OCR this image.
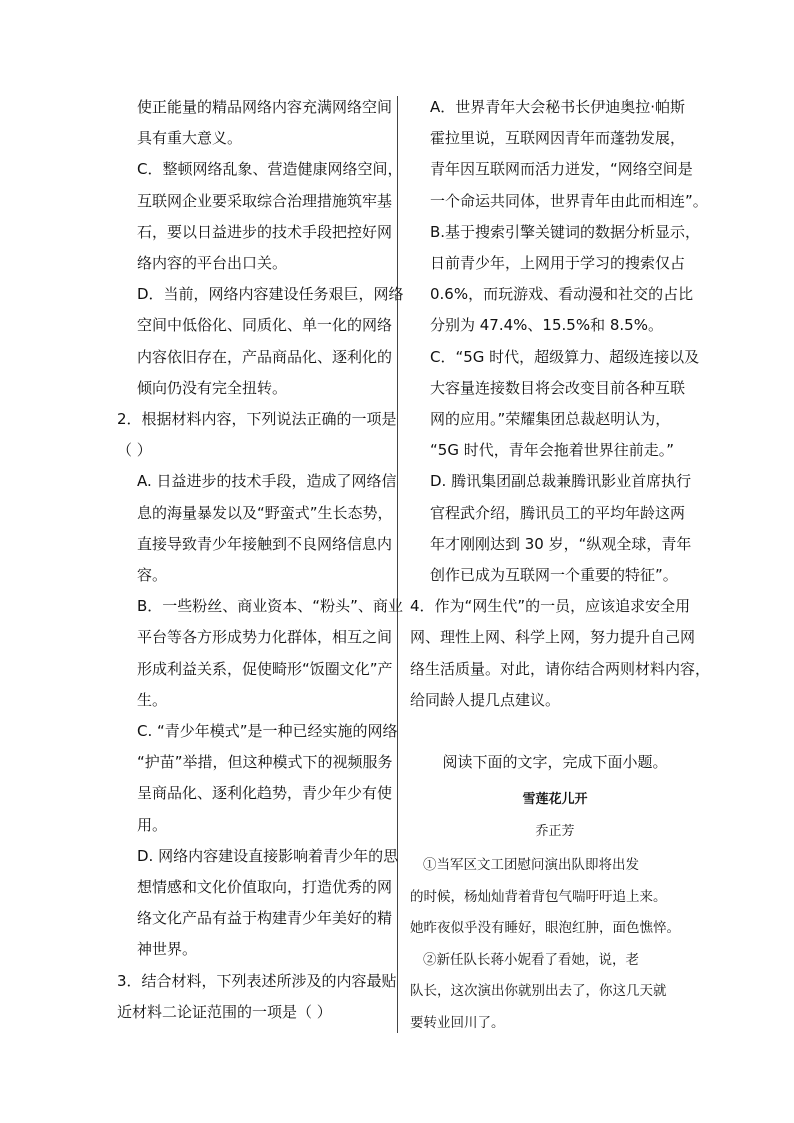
使正能量的精品网络内容充满网络空间

具有重大意义。

C．整顿网络乱象、营造健康网络空间，

互联网企业要采取综合治理措施筑牢基

石，要以日益进步的技术手段把控好网

络内容的平台出口关。

D．当前，网络内容建设任务艰巨，网络

空间中低俗化、同质化、单一化的网络

内容依旧存在，产品商品化、逐利化的

倾向仍没有完全扭转。

2．根据材料内容，下列说法正确的一项是

（ ）

A. 日益进步的技术手段，造成了网络信

息的海量暴发以及“野蛮式”生长态势，

直接导致青少年接触到不良网络信息内

容。

B．一些粉丝、商业资本、“粉头”、商业

平台等各方形成势力化群体，相互之间

形成利益关系，促使畸形“饭圈文化”产

生。

C. “青少年模式”是一种已经实施的网络

“护苗”举措，但这种模式下的视频服务

呈商品化、逐利化趋势，青少年少有使

用。

D. 网络内容建设直接影响着青少年的思

想情感和文化价值取向，打造优秀的网

络文化产品有益于构建青少年美好的精

神世界。

3．结合材料，下列表述所涉及的内容最贴

近材料二论证范围的一项是（ ）

A．世界青年大会秘书长伊迪奥拉·帕斯

霍拉里说，互联网因青年而蓬勃发展，

青年因互联网而活力迸发，“网络空间是

一个命运共同体，世界青年由此而相连”。

B.基于搜索引擎关键词的数据分析显示，

日前青少年，上网用于学习的搜索仅占

0.6%，而玩游戏、看动漫和社交的占比

分别为 47.4%、15.5%和 8.5%。

C．“5G 时代，超级算力、超级连接以及

大容量连接数目将会改变目前各种互联

网的应用。”荣耀集团总裁赵明认为，

“5G 时代，青年会拖着世界往前走。”

D. 腾讯集团副总裁兼腾讯影业首席执行

官程武介绍，腾讯员工的平均年龄这两

年才刚刚达到 30 岁，“纵观全球，青年

创作已成为互联网一个重要的特征”。

4．作为“网生代”的一员，应该追求安全用

网、理性上网、科学上网，努力提升自己网

络生活质量。对此，请你结合两则材料内容，

给同龄人提几点建议。

阅读下面的文字，完成下面小题。

雪莲花儿开

乔正芳

①当军区文工团慰问演出队即将出发

的时候，杨灿灿背着背包气喘吁吁追上来。

她昨夜似乎没有睡好，眼泡红肿，面色憔悴。

②新任队长蒋小妮看了看她，说，老

队长，这次演出你就别出去了，你这几天就

要转业回川了。
